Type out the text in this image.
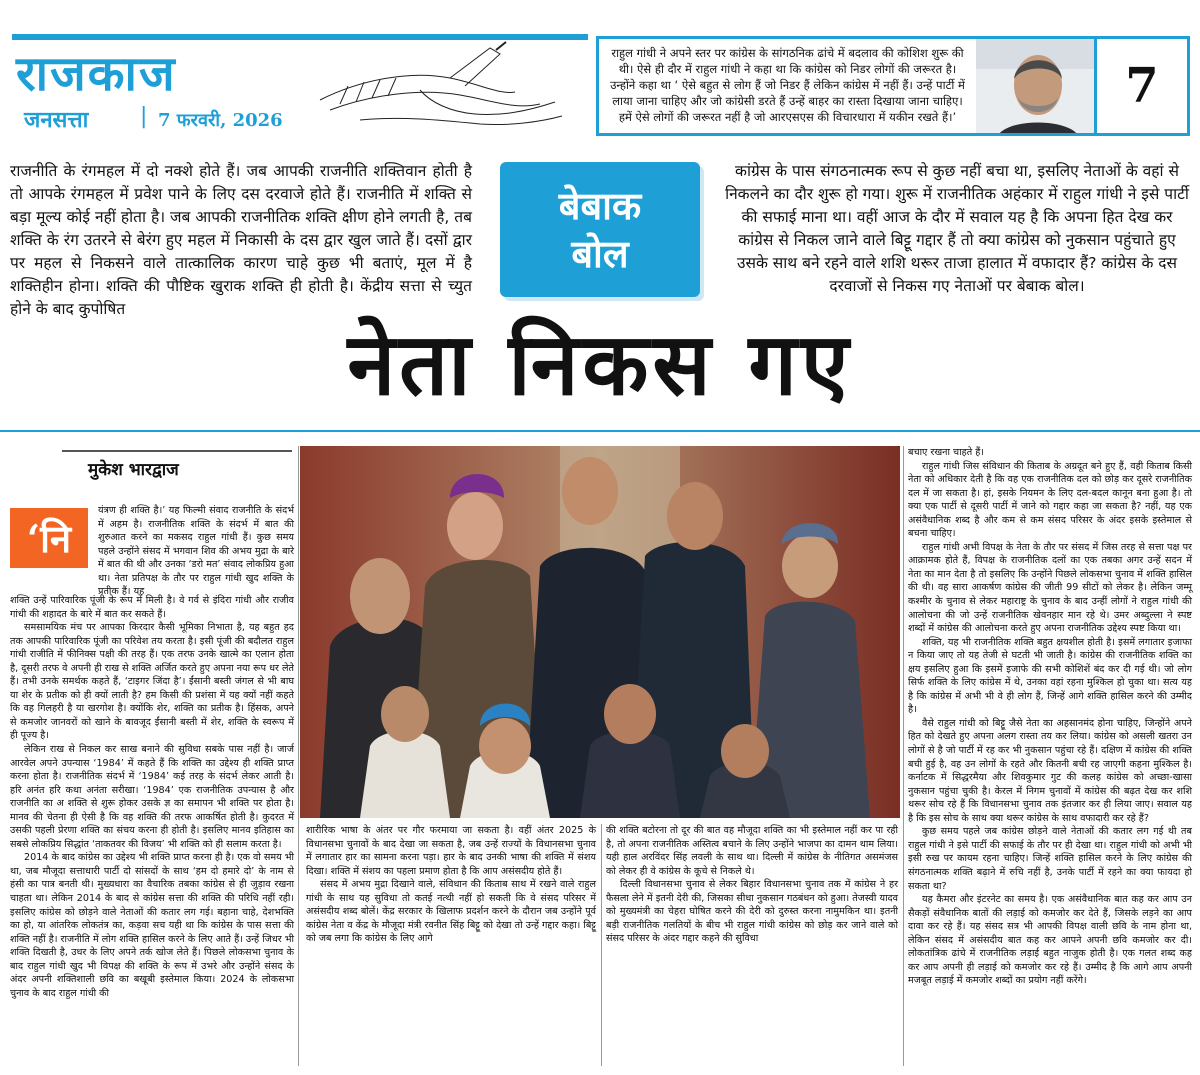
राजकाज
जनसत्ता | 7 फरवरी, 2026
राहुल गांधी ने अपने स्तर पर कांग्रेस के सांगठनिक ढांचे में बदलाव की कोशिश शुरू की थी। ऐसे ही दौर में राहुल गांधी ने कहा था कि कांग्रेस को निडर लोगों की जरूरत है। उन्होंने कहा था ‘ ऐसे बहुत से लोग हैं जो निडर हैं लेकिन कांग्रेस में नहीं हैं। उन्हें पार्टी में लाया जाना चाहिए और जो कांग्रेसी डरते हैं उन्हें बाहर का रास्ता दिखाया जाना चाहिए। हमें ऐसे लोगों की जरूरत नहीं है जो आरएसएस की विचारधारा में यकीन रखते हैं।’
7
राजनीति के रंगमहल में दो नक्शे होते हैं। जब आपकी राजनीति शक्तिवान होती है तो आपके रंगमहल में प्रवेश पाने के लिए दस दरवाजे होते हैं। राजनीति में शक्ति से बड़ा मूल्य कोई नहीं होता है। जब आपकी राजनीतिक शक्ति क्षीण होने लगती है, तब शक्ति के रंग उतरने से बेरंग हुए महल में निकासी के दस द्वार खुल जाते हैं। दसों द्वार पर महल से निकसने वाले तात्कालिक कारण चाहे कुछ भी बताएं, मूल में है शक्तिहीन होना। शक्ति की पौष्टिक खुराक शक्ति ही होती है। केंद्रीय सत्ता से च्युत होने के बाद कुपोषित
बेबाक
बोल
कांग्रेस के पास संगठनात्मक रूप से कुछ नहीं बचा था, इसलिए नेताओं के वहां से निकलने का दौर शुरू हो गया। शुरू में राजनीतिक अहंकार में राहुल गांधी ने इसे पार्टी की सफाई माना था। वहीं आज के दौर में सवाल यह है कि अपना हित देख कर कांग्रेस से निकल जाने वाले बिट्टू गद्दार हैं तो क्या कांग्रेस को नुकसान पहुंचाते हुए उसके साथ बने रहने वाले शशि थरूर ताजा हालात में वफादार हैं? कांग्रेस के दस दरवाजों से निकस गए नेताओं पर बेबाक बोल।
नेता निकस गए
मुकेश भारद्वाज
‘नि

यंत्रण ही शक्ति है।’ यह फिल्मी संवाद राजनीति के संदर्भ में अहम है। राजनीतिक शक्ति के संदर्भ में बात की शुरुआत करने का मकसद राहुल गांधी हैं। कुछ समय पहले उन्होंने संसद में भगवान शिव की अभय मुद्रा के बारे में बात की थी और उनका ‘डरो मत’ संवाद लोकप्रिय हुआ था। नेता प्रतिपक्ष के तौर पर राहुल गांधी खुद शक्ति के प्रतीक हैं। यह

शक्ति उन्हें पारिवारिक पूंजी के रूप में मिली है। वे गर्व से इंदिरा गांधी और राजीव गांधी की शहादत के बारे में बात कर सकते हैं।

समसामयिक मंच पर आपका किरदार कैसी भूमिका निभाता है, यह बहुत हद तक आपकी पारिवारिक पूंजी का परिवेश तय करता है। इसी पूंजी की बदौलत राहुल गांधी राजीति में फीनिक्स पक्षी की तरह हैं। एक तरफ उनके खात्मे का एलान होता है, दूसरी तरफ वे अपनी ही राख से शक्ति अर्जित करते हुए अपना नया रूप धर लेते हैं। तभी उनके समर्थक कहते हैं, ‘टाइगर जिंदा है’। ईंसानी बस्ती जंगल से भी बाघ या शेर के प्रतीक को ही क्यों लाती है? हम किसी की प्रशंसा में यह क्यों नहीं कहते कि वह गिलहरी है या खरगोश है। क्योंकि शेर, शक्ति का प्रतीक है। हिंसक, अपने से कमजोर जानवरों को खाने के बावजूद ईंसानी बस्ती में शेर, शक्ति के स्वरूप में ही पूज्य है।

लेकिन राख से निकल कर साख बनाने की सुविधा सबके पास नहीं है। जार्ज आरवेल अपने उपन्यास ‘1984’ में कहते हैं कि शक्ति का उद्देश्य ही शक्ति प्राप्त करना होता है। राजनीतिक संदर्भ में ‘1984’ कई तरह के संदर्भ लेकर आती है। हरि अनंत हरि कथा अनंता सरीखा। ‘1984’ एक राजनीतिक उपन्यास है और राजनीति का अ शक्ति से शुरू होकर उसके ज्ञ का समापन भी शक्ति पर होता है। मानव की चेतना ही ऐसी है कि वह शक्ति की तरफ आकर्षित होती है। कुदरत में उसकी पहली प्रेरणा शक्ति का संचय करना ही होती है। इसलिए मानव इतिहास का सबसे लोकप्रिय सिद्धांत ‘ताकतवर की विजय’ भी शक्ति को ही सलाम करता है।

2014 के बाद कांग्रेस का उद्देश्य भी शक्ति प्राप्त करना ही है। एक वो समय भी था, जब मौजूदा सत्ताधारी पार्टी दो सांसदों के साथ ‘हम दो हमारे दो’ के नाम से हंसी का पात्र बनती थी। मुख्यधारा का वैचारिक तबका कांग्रेस से ही जुड़ाव रखना चाहता था। लेकिन 2014 के बाद से कांग्रेस सत्ता की शक्ति की परिधि नहीं रही। इसलिए कांग्रेस को छोड़ने वाले नेताओं की कतार लग गई। बहाना चाहे, देशभक्ति का हो, या आंतरिक लोकतंत्र का, कड़वा सच यही था कि कांग्रेस के पास सत्ता की शक्ति नहीं है। राजनीति में लोग शक्ति हासिल करने के लिए आते हैं। उन्हें जिधर भी शक्ति दिखती है, उधर के लिए अपने तर्क खोज लेते हैं। पिछले लोकसभा चुनाव के बाद राहुल गांधी खुद भी विपक्ष की शक्ति के रूप में उभरे और उन्होंने संसद के अंदर अपनी शक्तिशाली छवि का बखूबी इस्तेमाल किया। 2024 के लोकसभा चुनाव के बाद राहुल गांधी की

शारीरिक भाषा के अंतर पर गौर फरमाया जा सकता है। वहीं अंतर 2025 के विधानसभा चुनावों के बाद देखा जा सकता है, जब उन्हें राज्यों के विधानसभा चुनाव में लगातार हार का सामना करना पड़ा। हार के बाद उनकी भाषा की शक्ति में संशय दिखा। शक्ति में संशय का पहला प्रमाण होता है कि आप असंसदीय होते हैं।

संसद में अभय मुद्रा दिखाने वाले, संविधान की किताब साथ में रखने वाले राहुल गांधी के साथ यह सुविधा तो कतई नत्थी नहीं हो सकती कि वे संसद परिसर में असंसदीय शब्द बोलें। केंद्र सरकार के खिलाफ प्रदर्शन करने के दौरान जब उन्होंने पूर्व कांग्रेस नेता व केंद्र के मौजूदा मंत्री रवनीत सिंह बिट्टू को देखा तो उन्हें गद्दार कहा। बिट्टू को जब लगा कि कांग्रेस के लिए आगे

की शक्ति बटोरना तो दूर की बात वह मौजूदा शक्ति का भी इस्तेमाल नहीं कर पा रही है, तो अपना राजनीतिक अस्तित्व बचाने के लिए उन्होंने भाजपा का दामन थाम लिया। यही हाल अरविंदर सिंह लवली के साथ था। दिल्ली में कांग्रेस के नीतिगत असमंजस को लेकर ही वे कांग्रेस के कूचे से निकले थे।

दिल्ली विधानसभा चुनाव से लेकर बिहार विधानसभा चुनाव तक में कांग्रेस ने हर फैसला लेने में इतनी देरी की, जिसका सीधा नुकसान गठबंधन को हुआ। तेजस्वी यादव को मुख्यमंत्री का चेहरा घोषित करने की देरी को दुरुस्त करना नामुमकिन था। इतनी बड़ी राजनीतिक गलतियों के बीच भी राहुल गांधी कांग्रेस को छोड़ कर जाने वाले को संसद परिसर के अंदर गद्दार कहने की सुविधा

बचाए रखना चाहते हैं।

राहुल गांधी जिस संविधान की किताब के अग्रदूत बने हुए हैं, वही किताब किसी नेता को अधिकार देती है कि वह एक राजनीतिक दल को छोड़ कर दूसरे राजनीतिक दल में जा सकता है। हां, इसके नियमन के लिए दल-बदल कानून बना हुआ है। तो क्या एक पार्टी से दूसरी पार्टी में जाने को गद्दार कहा जा सकता है? नहीं, यह एक असंवैधानिक शब्द है और कम से कम संसद परिसर के अंदर इसके इस्तेमाल से बचना चाहिए।

राहुल गांधी अभी विपक्ष के नेता के तौर पर संसद में जिस तरह से सत्ता पक्ष पर आक्रामक होते हैं, विपक्ष के राजनीतिक दलों का एक तबका अगर उन्हें सदन में नेता का मान देता है तो इसलिए कि उन्होंने पिछले लोकसभा चुनाव में शक्ति हासिल की थी। वह सारा आकर्षण कांग्रेस की जीती 99 सीटों को लेकर है। लेकिन जम्मू कश्मीर के चुनाव से लेकर महाराष्ट्र के चुनाव के बाद उन्हीं लोगों ने राहुल गांधी की आलोचना की जो उन्हें राजनीतिक खेवनहार मान रहे थे। उमर अब्दुल्ला ने स्पष्ट शब्दों में कांग्रेस की आलोचना करते हुए अपना राजनीतिक उद्देश्य स्पष्ट किया था।

शक्ति, यह भी राजनीतिक शक्ति बहुत क्षयशील होती है। इसमें लगातार इजाफा न किया जाए तो यह तेजी से घटती भी जाती है। कांग्रेस की राजनीतिक शक्ति का क्षय इसलिए हुआ कि इसमें इजाफे की सभी कोशिशें बंद कर दी गई थी। जो लोग सिर्फ शक्ति के लिए कांग्रेस में थे, उनका वहां रहना मुश्किल हो चुका था। सत्य यह है कि कांग्रेस में अभी भी वे ही लोग हैं, जिन्हें आगे शक्ति हासिल करने की उम्मीद है।

वैसे राहुल गांधी को बिट्टू जैसे नेता का अहसानमंद होना चाहिए, जिन्होंने अपने हित को देखते हुए अपना अलग रास्ता तय कर लिया। कांग्रेस को असली खतरा उन लोगों से है जो पार्टी में रह कर भी नुकसान पहुंचा रहे हैं। दक्षिण में कांग्रेस की शक्ति बची हुई है, वह उन लोगों के रहते और कितनी बची रह जाएगी कहना मुश्किल है। कर्नाटक में सिद्धरमैया और शिवकुमार गुट की कलह कांग्रेस को अच्छा-खासा नुकसान पहुंचा चुकी है। केरल में निगम चुनावों में कांग्रेस की बढ़त देख कर शशि थरूर सोच रहे हैं कि विधानसभा चुनाव तक इंतजार कर ही लिया जाए। सवाल यह है कि इस सोच के साथ क्या थरूर कांग्रेस के साथ वफादारी कर रहे हैं?

कुछ समय पहले जब कांग्रेस छोड़ने वाले नेताओं की कतार लग गई थी तब राहुल गांधी ने इसे पार्टी की सफाई के तौर पर ही देखा था। राहुल गांधी को अभी भी इसी रुख पर कायम रहना चाहिए। जिन्हें शक्ति हासिल करने के लिए कांग्रेस की संगठनात्मक शक्ति बढ़ाने में रुचि नहीं है, उनके पार्टी में रहने का क्या फायदा हो सकता था?

यह कैमरा और इंटरनेट का समय है। एक असंवैधानिक बात कह कर आप उन सैकड़ों संवैधानिक बातों की लड़ाई को कमजोर कर देते हैं, जिसके लड़ने का आप दावा कर रहे हैं। यह संसद सत्र भी आपकी विपक्ष वाली छवि के नाम होना था, लेकिन संसद में असंसदीय बात कह कर आपने अपनी छवि कमजोर कर दी। लोकतांत्रिक ढांचे में राजनीतिक लड़ाई बहुत नाजुक होती है। एक गलत शब्द कह कर आप अपनी ही लड़ाई को कमजोर कर रहे हैं। उम्मीद है कि आगे आप अपनी मजबूत लड़ाई में कमजोर शब्दों का प्रयोग नहीं करेंगे।
